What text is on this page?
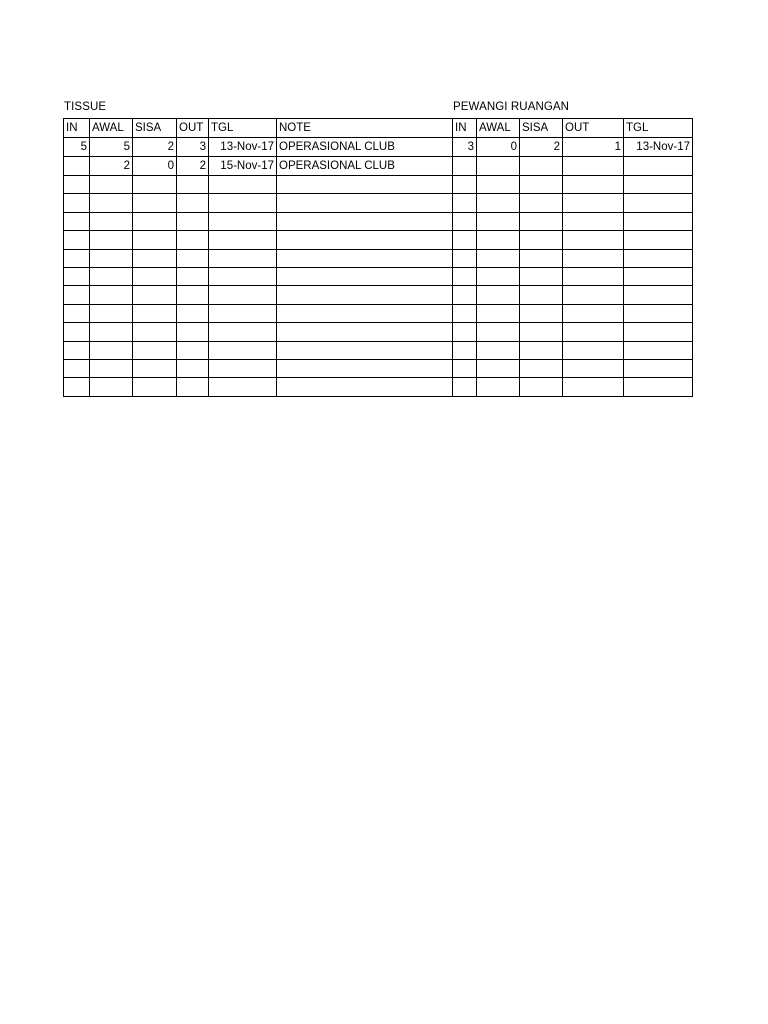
TISSUE	PEWANGI RUANGAN
IN	AWAL	SISA	OUT	TGL	NOTE	IN	AWAL	SISA	OUT	TGL
5	5	2	3	13-Nov-17	OPERASIONAL CLUB	3	0	2	1	13-Nov-17
	2	0	2	15-Nov-17	OPERASIONAL CLUB					
